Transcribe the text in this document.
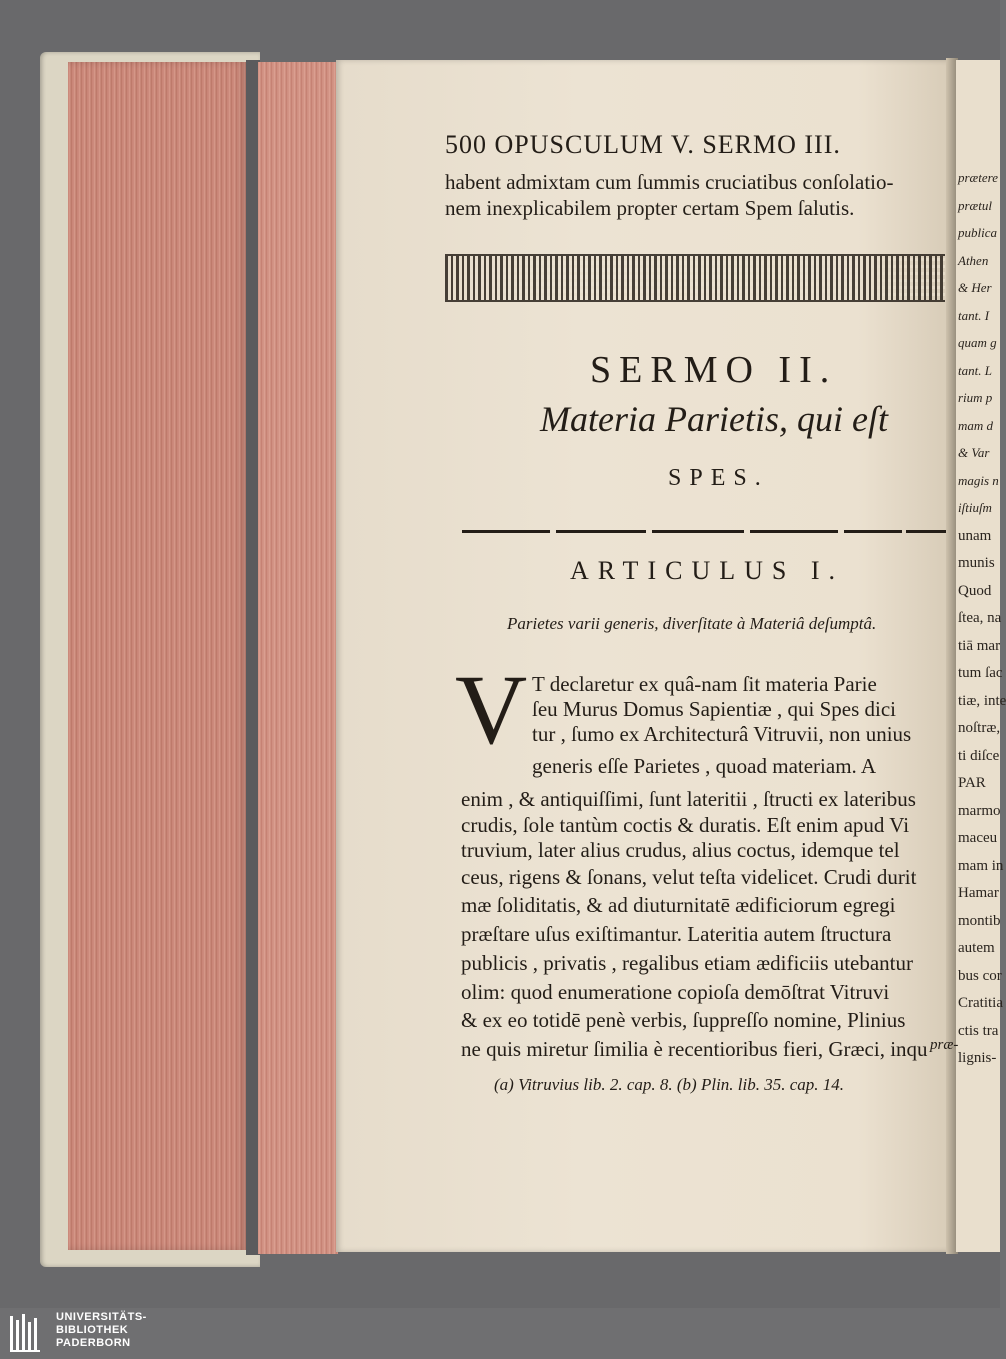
prætere
prætul
publica
Athen
& Her
tant. I
quam g
tant. L
rium p
mam d
& Var
magis n
iſtiuſm
unam
munis
Quod
ſtea, na
tiā mar
tum ſac
tiæ, inte
noſtræ,
ti diſce
PAR
marmo
maceu
mam in
Hamar
montib
autem
bus cor
Cratitia
ctis tra
lignis-
500 OPUSCULUM V. SERMO III.
habent admixtam cum ſummis cruciatibus conſolatio-
nem inexplicabilem propter certam Spem ſalutis.
SERMO II.
Materia Parietis, qui eſt
SPES.
ARTICULUS I.
Parietes varii generis, diverſitate à Materiâ deſumptâ.
V T declaretur ex quâ-nam ſit materia Parie
ſeu Murus Domus Sapientiæ , qui Spes dici
tur , ſumo ex Architecturâ Vitruvii, non unius
generis eſſe Parietes , quoad materiam. A
enim , & antiquiſſimi, ſunt lateritii , ſtructi ex lateribus
crudis, ſole tantùm coctis & duratis. Eſt enim apud Vi
truvium, later alius crudus, alius coctus, idemque tel
ceus, rigens & ſonans, velut teſta videlicet. Crudi durit
mæ ſoliditatis, & ad diuturnitatē ædificiorum egregi
præſtare uſus exiſtimantur. Lateritia autem ſtructura
publicis , privatis , regalibus etiam ædificiis utebantur
olim: quod enumeratione copioſa demōſtrat Vitruvi
& ex eo totidē penè verbis, ſuppreſſo nomine, Plinius
ne quis miretur ſimilia è recentioribus fieri, Græci, inqu præ-
(a) Vitruvius lib. 2. cap. 8. (b) Plin. lib. 35. cap. 14.
UNIVERSITÄTS-
BIBLIOTHEK
PADERBORN
